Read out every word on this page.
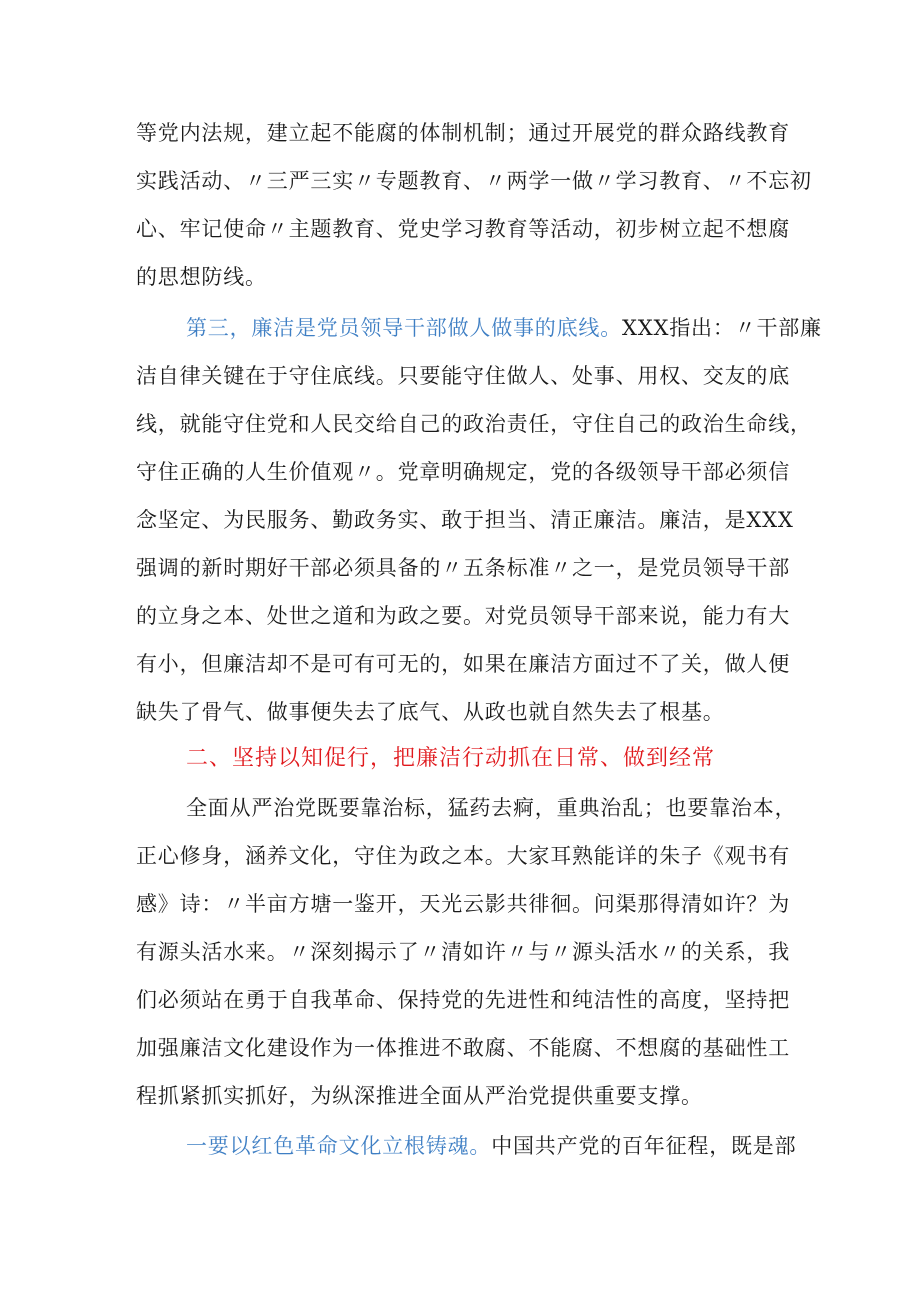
等党内法规，建立起不能腐的体制机制；通过开展党的群众路线教育
实践活动、〃三严三实〃专题教育、〃两学一做〃学习教育、〃不忘初
心、牢记使命〃主题教育、党史学习教育等活动，初步树立起不想腐
的思想防线。
第三，廉洁是党员领导干部做人做事的底线。XXX指出：〃干部廉
洁自律关键在于守住底线。只要能守住做人、处事、用权、交友的底
线，就能守住党和人民交给自己的政治责任，守住自己的政治生命线，
守住正确的人生价值观〃。党章明确规定，党的各级领导干部必须信
念坚定、为民服务、勤政务实、敢于担当、清正廉洁。廉洁，是XXX
强调的新时期好干部必须具备的〃五条标准〃之一，是党员领导干部
的立身之本、处世之道和为政之要。对党员领导干部来说，能力有大
有小，但廉洁却不是可有可无的，如果在廉洁方面过不了关，做人便
缺失了骨气、做事便失去了底气、从政也就自然失去了根基。
二、坚持以知促行，把廉洁行动抓在日常、做到经常
全面从严治党既要靠治标，猛药去痾，重典治乱；也要靠治本，
正心修身，涵养文化，守住为政之本。大家耳熟能详的朱子《观书有
感》诗：〃半亩方塘一鉴开，天光云影共徘徊。问渠那得清如许？为
有源头活水来。〃深刻揭示了〃清如许〃与〃源头活水〃的关系，我
们必须站在勇于自我革命、保持党的先进性和纯洁性的高度，坚持把
加强廉洁文化建设作为一体推进不敢腐、不能腐、不想腐的基础性工
程抓紧抓实抓好，为纵深推进全面从严治党提供重要支撑。
一要以红色革命文化立根铸魂。中国共产党的百年征程，既是部
